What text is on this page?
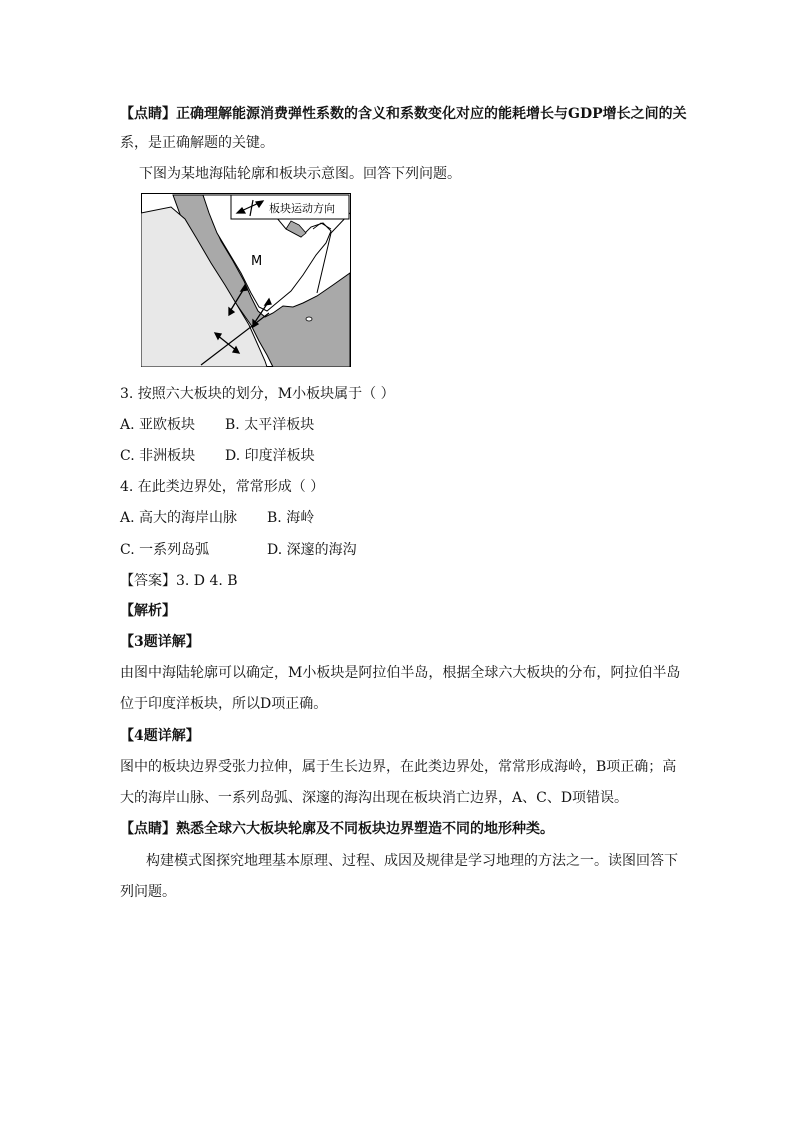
【点睛】正确理解能源消费弹性系数的含义和系数变化对应的能耗增长与GDP增长之间的关
系，是正确解题的关键。
下图为某地海陆轮廓和板块示意图。回答下列问题。
板块运动方向
M
3. 按照六大板块的划分，M小板块属于（ ）
A. 亚欧板块 B. 太平洋板块
C. 非洲板块 D. 印度洋板块
4. 在此类边界处，常常形成（ ）
A. 高大的海岸山脉 B. 海岭
C. 一系列岛弧	D. 深邃的海沟
【答案】3. D 4. B
【解析】
【3题详解】
由图中海陆轮廓可以确定，M小板块是阿拉伯半岛，根据全球六大板块的分布，阿拉伯半岛
位于印度洋板块，所以D项正确。
【4题详解】
图中的板块边界受张力拉伸，属于生长边界，在此类边界处，常常形成海岭，B项正确；高
大的海岸山脉、一系列岛弧、深邃的海沟出现在板块消亡边界，A、C、D项错误。
【点睛】熟悉全球六大板块轮廓及不同板块边界塑造不同的地形种类。
构建模式图探究地理基本原理、过程、成因及规律是学习地理的方法之一。读图回答下
列问题。
